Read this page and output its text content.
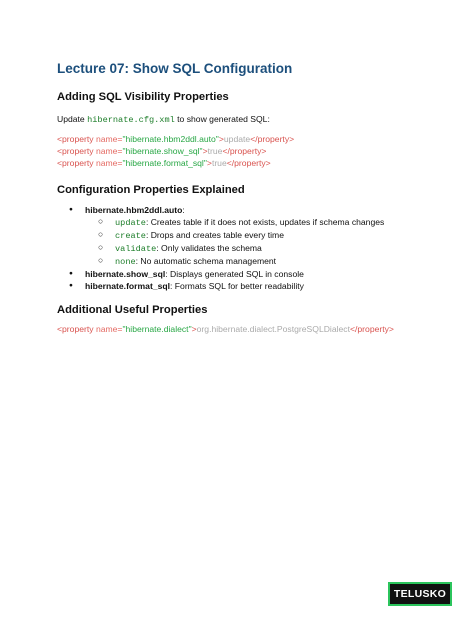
Lecture 07: Show SQL Configuration
Adding SQL Visibility Properties

Update hibernate.cfg.xml to show generated SQL:

<property name="hibernate.hbm2ddl.auto">update</property>
<property name="hibernate.show_sql">true</property>
<property name="hibernate.format_sql">true</property>
Configuration Properties Explained
● hibernate.hbm2ddl.auto:
○ update: Creates table if it does not exists, updates if schema changes
○ create: Drops and creates table every time
○ validate: Only validates the schema
○ none: No automatic schema management
● hibernate.show_sql: Displays generated SQL in console
● hibernate.format_sql: Formats SQL for better readability
Additional Useful Properties
<property name="hibernate.dialect">org.hibernate.dialect.PostgreSQLDialect</property>
TELUSKO
